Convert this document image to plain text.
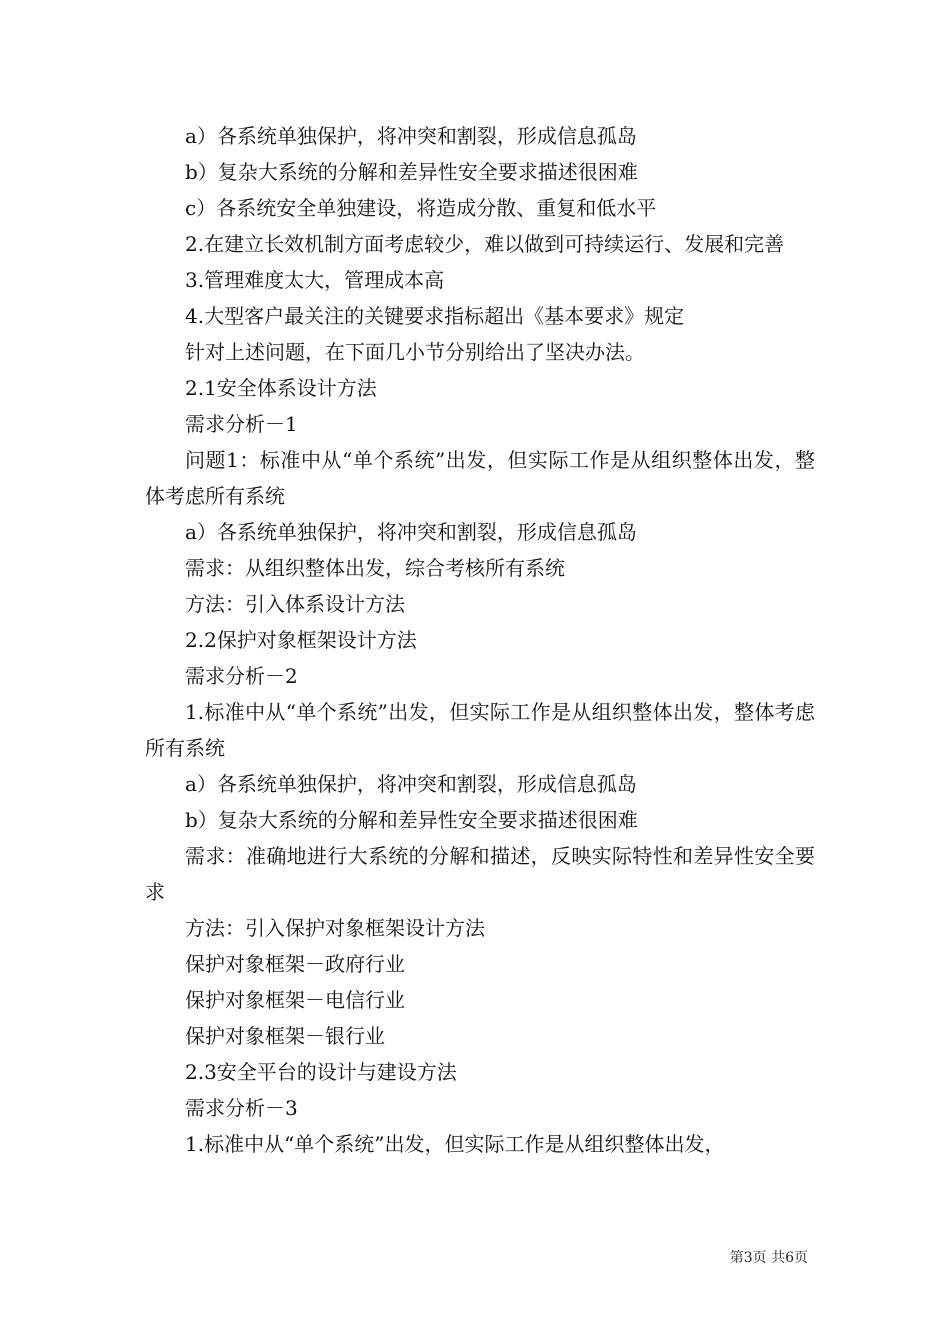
a）各系统单独保护，将冲突和割裂，形成信息孤岛

b）复杂大系统的分解和差异性安全要求描述很困难

c）各系统安全单独建设，将造成分散、重复和低水平

2.在建立长效机制方面考虑较少，难以做到可持续运行、发展和完善

3.管理难度太大，管理成本高

4.大型客户最关注的关键要求指标超出《基本要求》规定

针对上述问题，在下面几小节分别给出了坚决办法。

2.1安全体系设计方法

需求分析－1

问题1：标准中从“单个系统”出发，但实际工作是从组织整体出发，整体考虑所有系统

a）各系统单独保护，将冲突和割裂，形成信息孤岛

需求：从组织整体出发，综合考核所有系统

方法：引入体系设计方法

2.2保护对象框架设计方法

需求分析－2

1.标准中从“单个系统”出发，但实际工作是从组织整体出发，整体考虑所有系统

a）各系统单独保护，将冲突和割裂，形成信息孤岛

b）复杂大系统的分解和差异性安全要求描述很困难

需求：准确地进行大系统的分解和描述，反映实际特性和差异性安全要求

方法：引入保护对象框架设计方法

保护对象框架－政府行业

保护对象框架－电信行业

保护对象框架－银行业

2.3安全平台的设计与建设方法

需求分析－3

1.标准中从“单个系统”出发，但实际工作是从组织整体出发，

第3页 共6页
